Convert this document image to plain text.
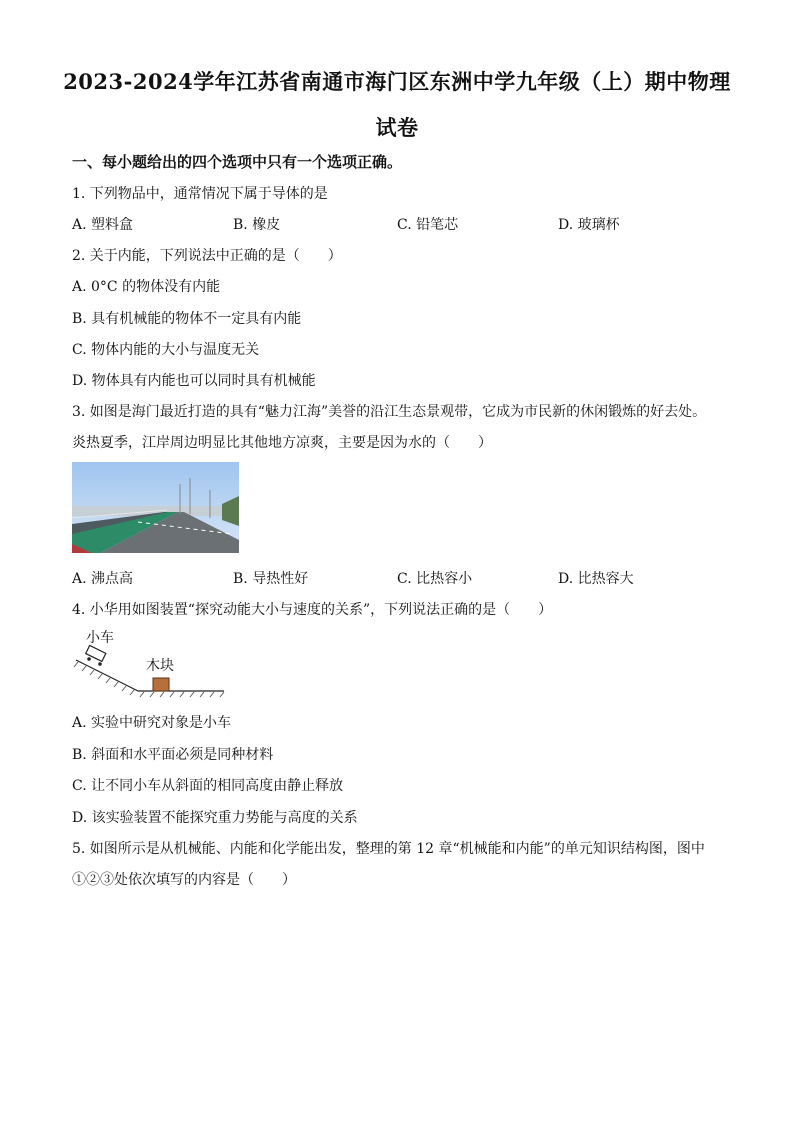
2023-2024学年江苏省南通市海门区东洲中学九年级（上）期中物理
试卷

一、每小题给出的四个选项中只有一个选项正确。

1. 下列物品中，通常情况下属于导体的是

A. 塑料盒	B. 橡皮	C. 铅笔芯	D. 玻璃杯

2. 关于内能，下列说法中正确的是（　　）

A. 0°C 的物体没有内能

B. 具有机械能的物体不一定具有内能

C. 物体内能的大小与温度无关

D. 物体具有内能也可以同时具有机械能

3. 如图是海门最近打造的具有“魅力江海”美誉的沿江生态景观带，它成为市民新的休闲锻炼的好去处。

炎热夏季，江岸周边明显比其他地方凉爽，主要是因为水的（　　）

A. 沸点高	B. 导热性好	C. 比热容小	D. 比热容大

4. 小华用如图装置“探究动能大小与速度的关系”，下列说法正确的是（　　）

小车
木块

A. 实验中研究对象是小车

B. 斜面和水平面必须是同种材料

C. 让不同小车从斜面的相同高度由静止释放

D. 该实验装置不能探究重力势能与高度的关系

5. 如图所示是从机械能、内能和化学能出发，整理的第 12 章“机械能和内能”的单元知识结构图，图中

①②③处依次填写的内容是（　　）
